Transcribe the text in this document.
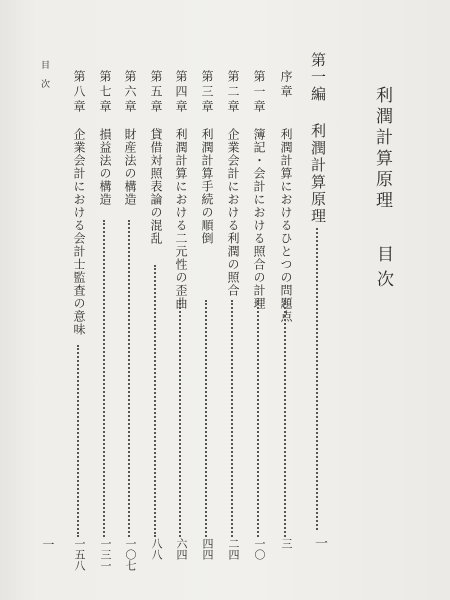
利潤計算原理
目次
第一編 利潤計算原理
一
序章
利潤計算におけるひとつの問題点
三
第一章
簿記・会計における照合の計理
一〇
第二章
企業会計における利潤の照合
二四
第三章
利潤計算手続の順倒
四四
第四章
利潤計算における二元性の歪曲
六四
第五章
貸借対照表論の混乱
八八
第六章
財産法の構造
一〇七
第七章
損益法の構造
一三一
第八章
企業会計における会計士監査の意味
一五八
目次
一
